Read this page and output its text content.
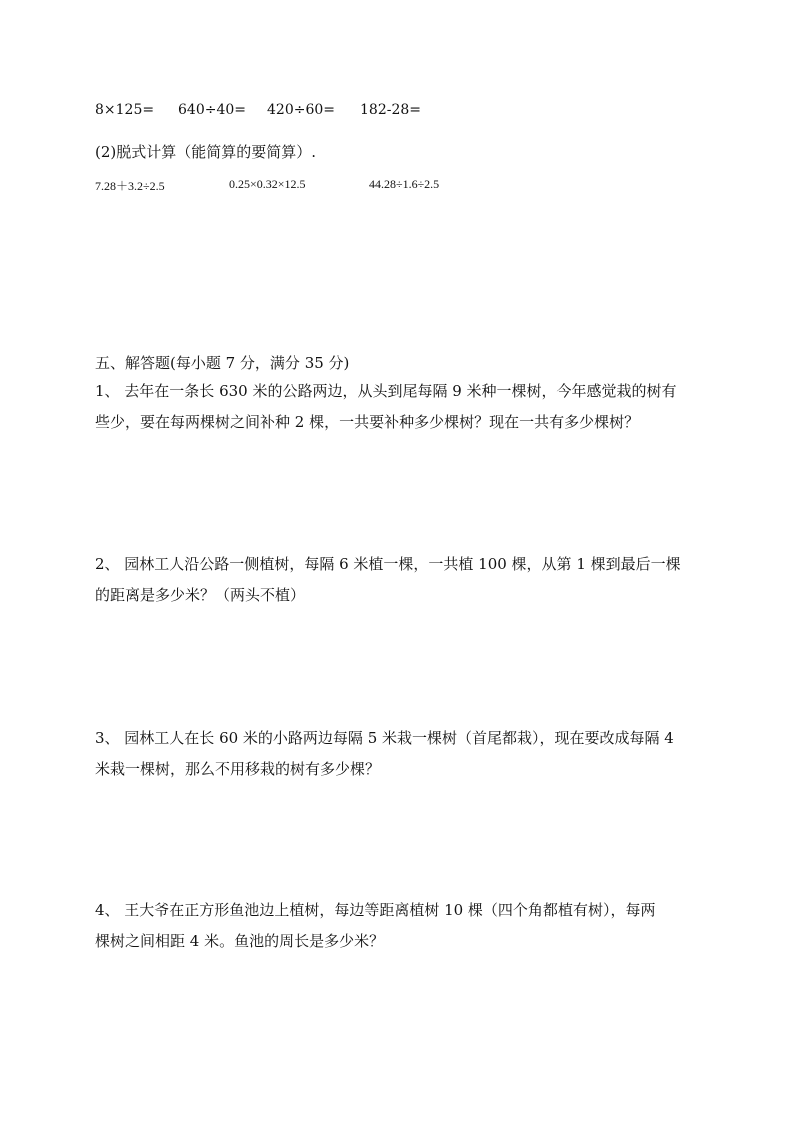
8×125= 640÷40= 420÷60= 182-28=
(2)脱式计算（能简算的要简算）.
7.28＋3.2÷2.5	0.25×0.32×12.5	44.28÷1.6÷2.5
五、解答题(每小题 7 分，满分 35 分)

1、 去年在一条长 630 米的公路两边，从头到尾每隔 9 米种一棵树，今年感觉栽的树有

些少，要在每两棵树之间补种 2 棵，一共要补种多少棵树？现在一共有多少棵树？

2、 园林工人沿公路一侧植树，每隔 6 米植一棵，一共植 100 棵，从第 1 棵到最后一棵

的距离是多少米？（两头不植）

3、 园林工人在长 60 米的小路两边每隔 5 米栽一棵树（首尾都栽），现在要改成每隔 4

米栽一棵树，那么不用移栽的树有多少棵？

4、 王大爷在正方形鱼池边上植树，每边等距离植树 10 棵（四个角都植有树），每两

棵树之间相距 4 米。鱼池的周长是多少米？
